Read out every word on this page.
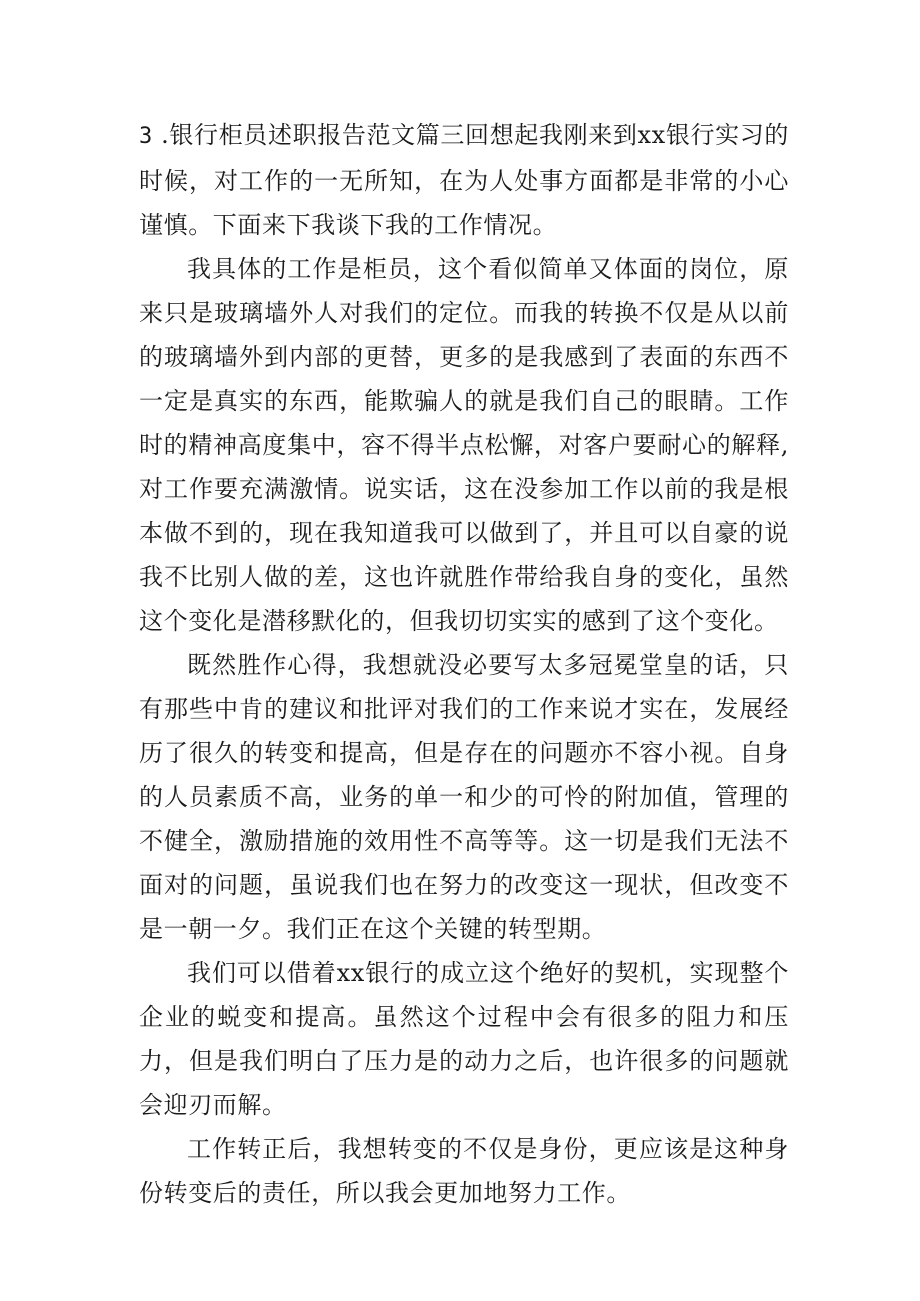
3 .银行柜员述职报告范文篇三回想起我刚来到xx银行实习的时候，对工作的一无所知，在为人处事方面都是非常的小心谨慎。下面来下我谈下我的工作情况。

我具体的工作是柜员，这个看似简单又体面的岗位，原来只是玻璃墙外人对我们的定位。而我的转换不仅是从以前的玻璃墙外到内部的更替，更多的是我感到了表面的东西不一定是真实的东西，能欺骗人的就是我们自己的眼睛。工作时的精神高度集中，容不得半点松懈，对客户要耐心的解释,对工作要充满激情。说实话，这在没参加工作以前的我是根本做不到的，现在我知道我可以做到了，并且可以自豪的说我不比别人做的差，这也许就胜作带给我自身的变化，虽然这个变化是潜移默化的，但我切切实实的感到了这个变化。

既然胜作心得，我想就没必要写太多冠冕堂皇的话，只有那些中肯的建议和批评对我们的工作来说才实在，发展经历了很久的转变和提高，但是存在的问题亦不容小视。自身的人员素质不高，业务的单一和少的可怜的附加值，管理的不健全，激励措施的效用性不高等等。这一切是我们无法不面对的问题，虽说我们也在努力的改变这一现状，但改变不是一朝一夕。我们正在这个关键的转型期。

我们可以借着xx银行的成立这个绝好的契机，实现整个企业的蜕变和提高。虽然这个过程中会有很多的阻力和压力，但是我们明白了压力是的动力之后，也许很多的问题就会迎刃而解。

工作转正后，我想转变的不仅是身份，更应该是这种身份转变后的责任，所以我会更加地努力工作。
